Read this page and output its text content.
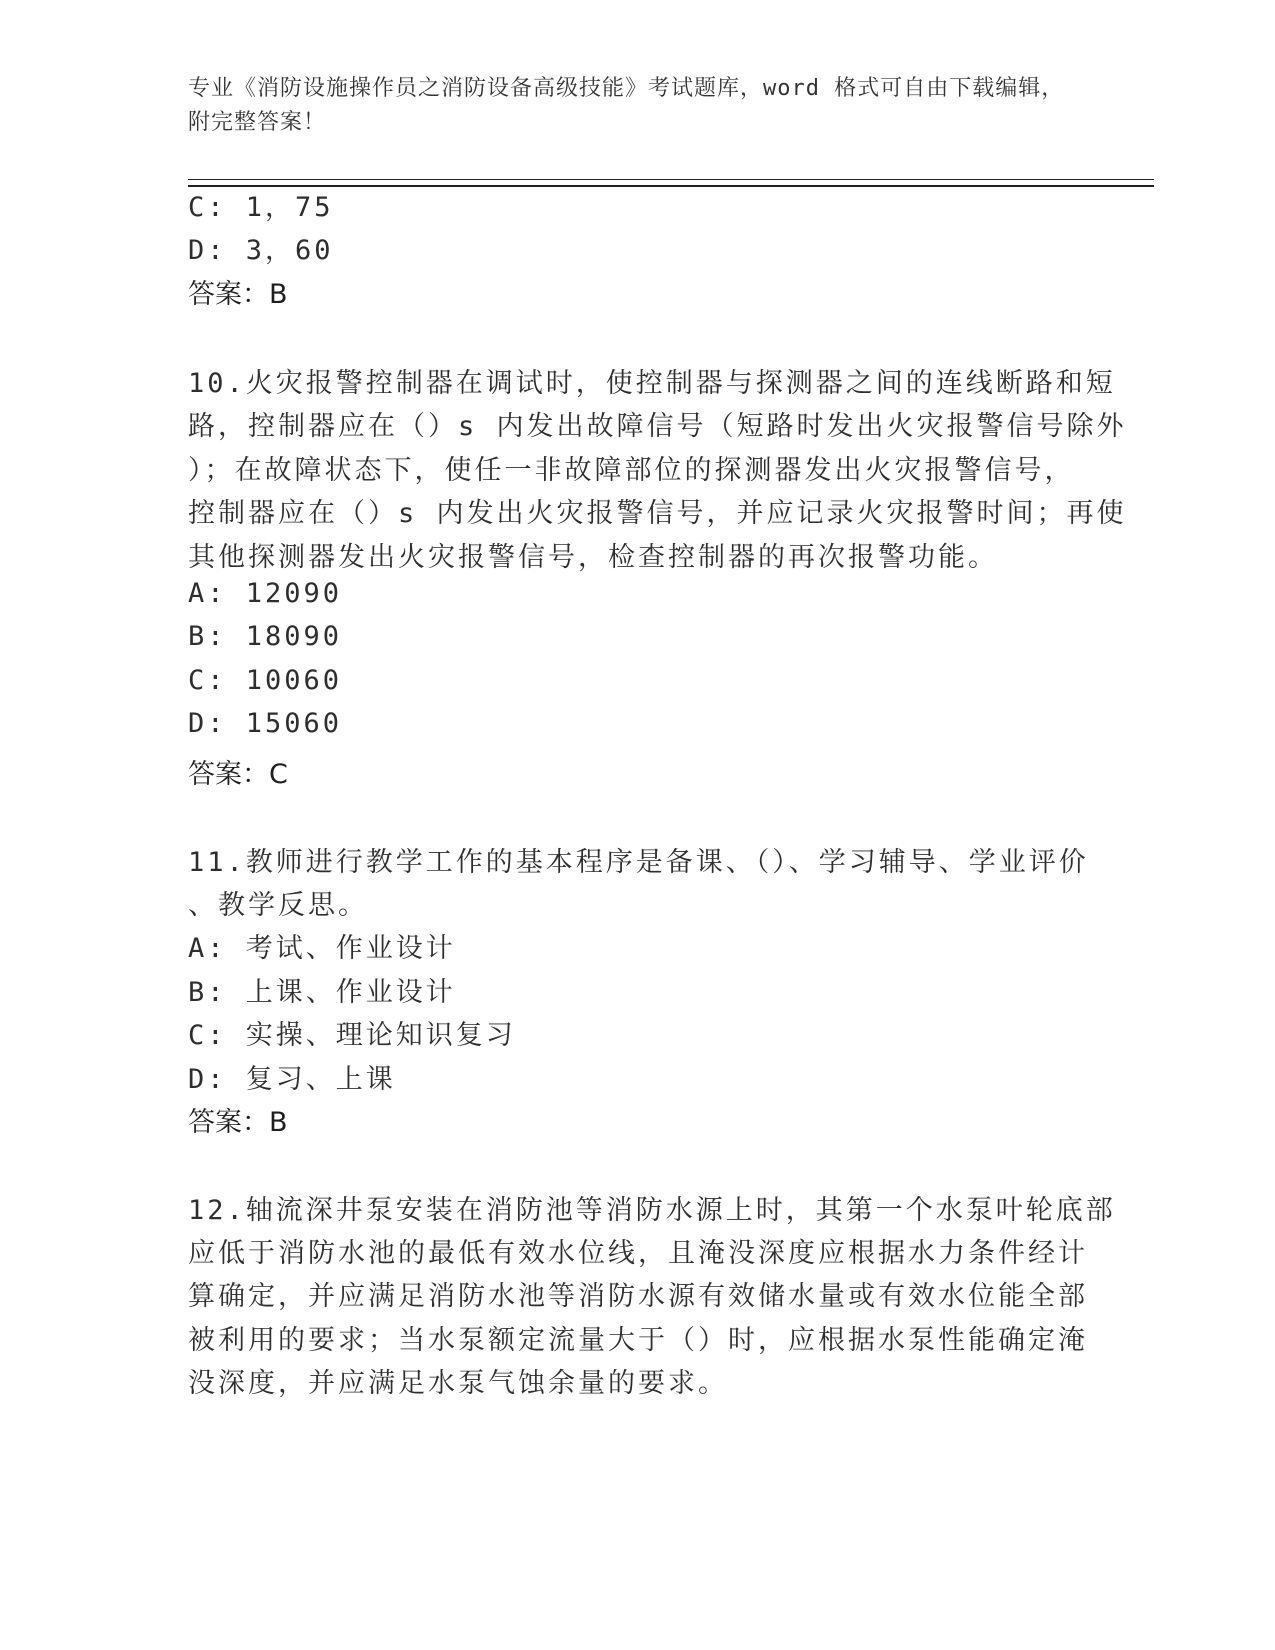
专业《消防设施操作员之消防设备高级技能》考试题库，word 格式可自由下载编辑，附完整答案！
C: 1，75
D: 3，60
答案：B
10.火灾报警控制器在调试时，使控制器与探测器之间的连线断路和短
路，控制器应在（）s 内发出故障信号（短路时发出火灾报警信号除外
）；在故障状态下，使任一非故障部位的探测器发出火灾报警信号，
控制器应在（）s 内发出火灾报警信号，并应记录火灾报警时间；再使
其他探测器发出火灾报警信号，检查控制器的再次报警功能。
A: 12090
B: 18090
C: 10060
D: 15060
答案：C
11.教师进行教学工作的基本程序是备课、（）、学习辅导、学业评价
、教学反思。
A: 考试、作业设计
B: 上课、作业设计
C: 实操、理论知识复习
D: 复习、上课
答案：B
12.轴流深井泵安装在消防池等消防水源上时，其第一个水泵叶轮底部
应低于消防水池的最低有效水位线，且淹没深度应根据水力条件经计
算确定，并应满足消防水池等消防水源有效储水量或有效水位能全部
被利用的要求；当水泵额定流量大于（）时，应根据水泵性能确定淹
没深度，并应满足水泵气蚀余量的要求。
